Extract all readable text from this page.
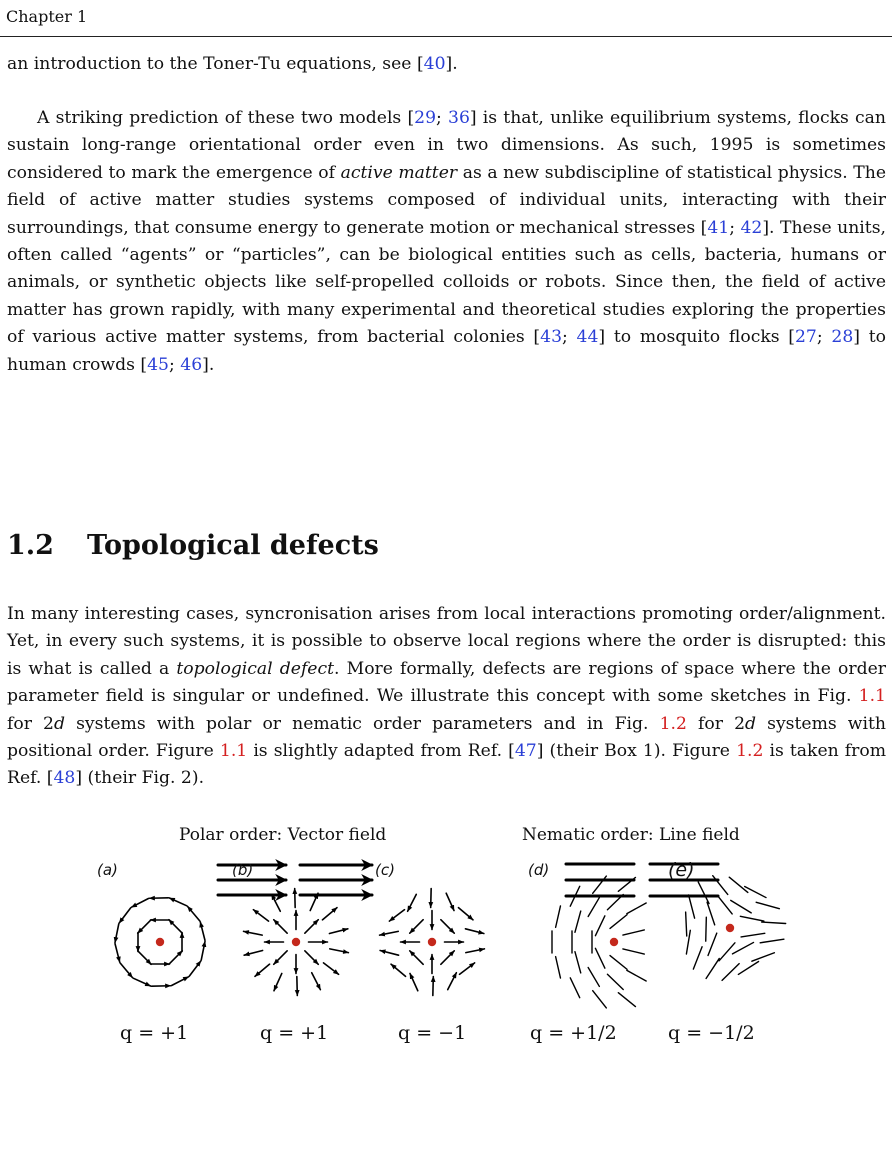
Chapter 1

an introduction to the Toner-Tu equations, see [40].

A striking prediction of these two models [29; 36] is that, unlike equilibrium systems, flocks can sustain long-range orientational order even in two dimensions. As such, 1995 is sometimes considered to mark the emergence of active matter as a new subdiscipline of statistical physics. The field of active matter studies systems composed of individual units, interacting with their surroundings, that consume energy to generate motion or mechanical stresses [41; 42]. These units, often called “agents” or “particles”, can be biological entities such as cells, bacteria, humans or animals, or synthetic objects like self-propelled colloids or robots. Since then, the field of active matter has grown rapidly, with many experimental and theoretical studies exploring the properties of various active matter systems, from bacterial colonies [43; 44] to mosquito flocks [27; 28] to human crowds [45; 46].

1.2 Topological defects

In many interesting cases, syncronisation arises from local interactions promoting order/alignment. Yet, in every such systems, it is possible to observe local regions where the order is disrupted: this is what is called a topological defect. More formally, defects are regions of space where the order parameter field is singular or undefined. We illustrate this concept with some sketches in Fig. 1.1 for 2d systems with polar or nematic order parameters and in Fig. 1.2 for 2d systems with positional order. Figure 1.1 is slightly adapted from Ref. [47] (their Box 1). Figure 1.2 is taken from Ref. [48] (their Fig. 2).

Polar order: Vector field	Nematic order: Line field
(a)
q = +1
(b)
q = +1
(c)
q = −1
(d)
q = +1/2
(e)
q = −1/2
